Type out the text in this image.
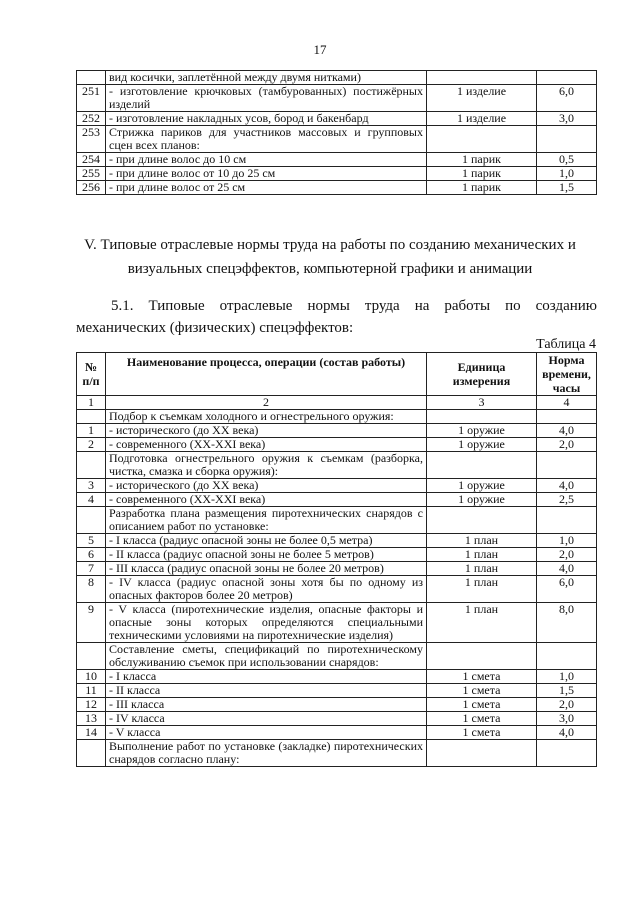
17
	вид косички, заплетённой между двумя нитками)		
251	- изготовление крючковых (тамбурованных) постижёрных изделий	1 изделие	6,0
252	- изготовление накладных усов, бород и бакенбард	1 изделие	3,0
253	Стрижка париков для участников массовых и групповых сцен всех планов:		
254	- при длине волос до 10 см	1 парик	0,5
255	- при длине волос от 10 до 25 см	1 парик	1,0
256	- при длине волос от 25 см	1 парик	1,5
V. Типовые отраслевые нормы труда на работы по созданию механических и визуальных спецэффектов, компьютерной графики и анимации
5.1. Типовые отраслевые нормы труда на работы по созданию
механических (физических) спецэффектов:
Таблица 4
№ п/п	Наименование процесса, операции (состав работы)	Единица измерения	Норма времени, часы
1	2	3	4
	Подбор к съемкам холодного и огнестрельного оружия:		
1	- исторического (до XX века)	1 оружие	4,0
2	- современного (XX-XXI века)	1 оружие	2,0
	Подготовка огнестрельного оружия к съемкам (разборка, чистка, смазка и сборка оружия):		
3	- исторического (до XX века)	1 оружие	4,0
4	- современного (XX-XXI века)	1 оружие	2,5
	Разработка плана размещения пиротехнических снарядов с описанием работ по установке:		
5	- I класса (радиус опасной зоны не более 0,5 метра)	1 план	1,0
6	- II класса (радиус опасной зоны не более 5 метров)	1 план	2,0
7	- III класса (радиус опасной зоны не более 20 метров)	1 план	4,0
8	- IV класса (радиус опасной зоны хотя бы по одному из опасных факторов более 20 метров)	1 план	6,0
9	- V класса (пиротехнические изделия, опасные факторы и опасные зоны которых определяются специальными техническими условиями на пиротехнические изделия)	1 план	8,0
	Составление сметы, спецификаций по пиротехническому обслуживанию съемок при использовании снарядов:		
10	- I класса	1 смета	1,0
11	- II класса	1 смета	1,5
12	- III класса	1 смета	2,0
13	- IV класса	1 смета	3,0
14	- V класса	1 смета	4,0
	Выполнение работ по установке (закладке) пиротехнических снарядов согласно плану:		
